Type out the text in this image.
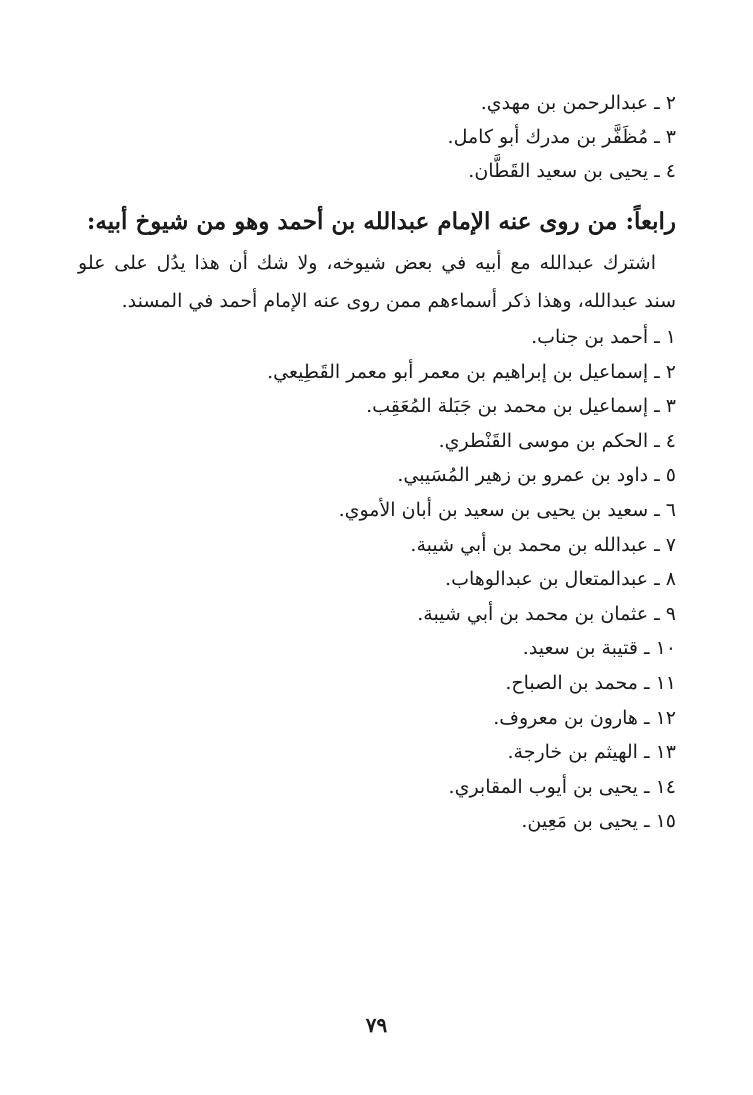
٢ ـ عبدالرحمن بن مهدي.
٣ ـ مُظَفَّر بن مدرك أبو كامل.
٤ ـ يحيى بن سعيد القَطَّان.
رابعاً: من روى عنه الإمام عبدالله بن أحمد وهو من شيوخ أبيه:

اشترك عبدالله مع أبيه في بعض شيوخه، ولا شك أن هذا يدُل على علو سند عبدالله، وهذا ذكر أسماءهم ممن روى عنه الإمام أحمد في المسند.

١ ـ أحمد بن جناب.
٢ ـ إسماعيل بن إبراهيم بن معمر أبو معمر القَطِيعي.
٣ ـ إسماعيل بن محمد بن جَبَلة المُعَقِب.
٤ ـ الحكم بن موسى القَنْطري.
٥ ـ داود بن عمرو بن زهير المُسَيبي.
٦ ـ سعيد بن يحيى بن سعيد بن أبان الأموي.
٧ ـ عبدالله بن محمد بن أبي شيبة.
٨ ـ عبدالمتعال بن عبدالوهاب.
٩ ـ عثمان بن محمد بن أبي شيبة.
١٠ ـ قتيبة بن سعيد.
١١ ـ محمد بن الصباح.
١٢ ـ هارون بن معروف.
١٣ ـ الهيثم بن خارجة.
١٤ ـ يحيى بن أيوب المقابري.
١٥ ـ يحيى بن مَعِين.
٧٩
